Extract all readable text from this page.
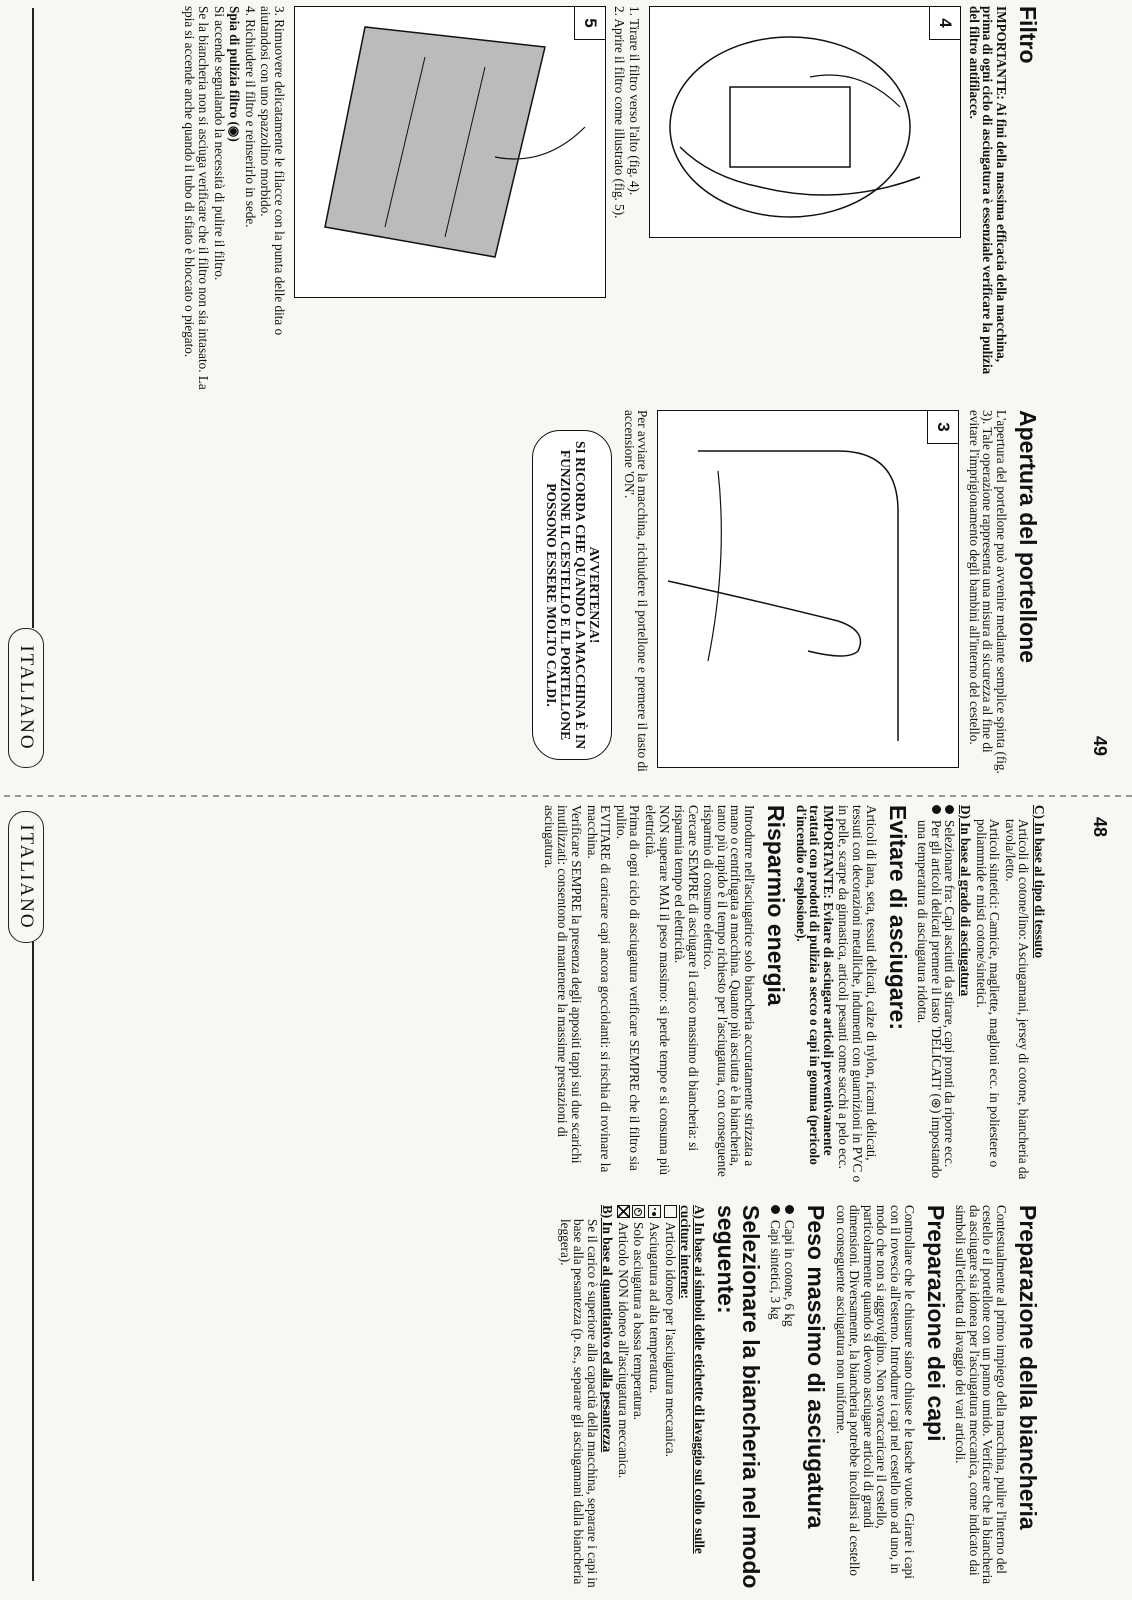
ITALIANO	49
Filtro

IMPORTANTE: Ai fini della massima efficacia della macchina, prima di ogni ciclo di asciugatura è essenziale verificare la pulizia del filtro antifilacce.

4

1. Tirare il filtro verso l'alto (fig. 4).

2. Aprire il filtro come illustrato (fig. 5).

5

3. Rimuovere delicatamente le filacce con la punta delle dita o aiutandosi con uno spazzolino morbido.

4. Richiudere il filtro e reinserirlo in sede.

Spia di pulizia filtro (◉)

Si accende segnalando la necessità di pulire il filtro.

Se la biancheria non si asciuga verificare che il filtro non sia intasato. La spia si accende anche quando il tubo di sfiato è bloccato o piegato.

Apertura del portellone

L'apertura del portellone può avvenire mediante semplice spinta (fig. 3). Tale operazione rappresenta una misura di sicurezza al fine di evitare l'imprigionamento degli bambini all'interno del cestello.

3

Per avviare la macchina, richiudere il portellone e premere il tasto di accensione 'ON'.

AVVERTENZA!
SI RICORDA CHE QUANDO LA MACCHINA È IN FUNZIONE IL CESTELLO E IL PORTELLONE POSSONO ESSERE MOLTO CALDI.
ITALIANO	48

C) In base al tipo di tessuto

Articoli di cotone/lino: Asciugamani, jersey di cotone, biancheria da tavola/letto.

Articoli sintetici: Camicie, magliette, maglioni ecc. in poliestere o poliammide e misti cotone/sintetici.

D) In base al grado di asciugatura

Selezionare fra: Capi asciutti da stirare, capi pronti da riporre ecc.
Per gli articoli delicati premere il tasto 'DELICATI' (⊛) impostando una temperatura di asciugatura ridotta.
Evitare di asciugare:

Articoli di lana, seta, tessuti delicati, calze di nylon, ricami delicati, tessuti con decorazioni metalliche, indumenti con guarnizioni in PVC o in pelle, scarpe da ginnastica, articoli pesanti come sacchi a pelo ecc.

IMPORTANTE: Evitare di asciugare articoli preventivamente trattati con prodotti di pulizia a secco o capi in gomma (pericolo d'incendio o esplosione).

Risparmio energia

Introdurre nell'asciugatrice solo biancheria accuratamente strizzata a mano o centrifugata a macchina. Quanto più asciutta è la biancheria, tanto più rapido è il tempo richiesto per l'asciugatura, con conseguente risparmio di consumo elettrico.

Cercare SEMPRE di asciugare il carico massimo di biancheria: si risparmia tempo ed elettricità.

NON superare MAI il peso massimo: si perde tempo e si consuma più elettricità.

Prima di ogni ciclo di asciugatura verificare SEMPRE che il filtro sia pulito.

EVITARE di caricare capi ancora gocciolanti: si rischia di rovinare la macchina.

Verificare SEMPRE la presenza degli appositi tappi sui due scarichi inutilizzati: consentono di mantenere la massime prestazioni di asciugatura.

Preparazione della biancheria

Contestualmente al primo impiego della macchina, pulire l'interno del cestello e il portellone con un panno umido. Verificare che la biancheria da asciugare sia idonea per l'asciugatura meccanica, come indicato dai simboli sull'etichetta di lavaggio dei vari articoli.

Preparazione dei capi

Controllare che le chiusure siano chiuse e le tasche vuote. Girare i capi con il rovescio all'esterno. Introdurre i capi nel cestello uno ad uno, in modo che non si aggroviglino. Non sovraccaricare il cestello, particolarmente quando si devono asciugare articoli di grandi dimensioni. Diversamente, la biancheria potrebbe incollarsi al cestello con conseguente asciugatura non uniforme.

Peso massimo di asciugatura
Capi in cotone, 6 kg
Capi sintetici, 3 kg
Selezionare la biancheria nel modo seguente:

A) In base ai simboli delle etichette di lavaggio sul collo o sulle cuciture interne:

Articolo idoneo per l'asciugatura meccanica.

Asciugatura ad alta temperatura.

Solo asciugatura a bassa temperatura.

Articolo NON idoneo all'asciugatura meccanica.

B) In base al quantitativo ed alla pesantezza

Se il carico è superiore alla capacità della macchina, separare i capi in base alla pesantezza (p. es., separare gli asciugamani dalla biancheria leggera).
